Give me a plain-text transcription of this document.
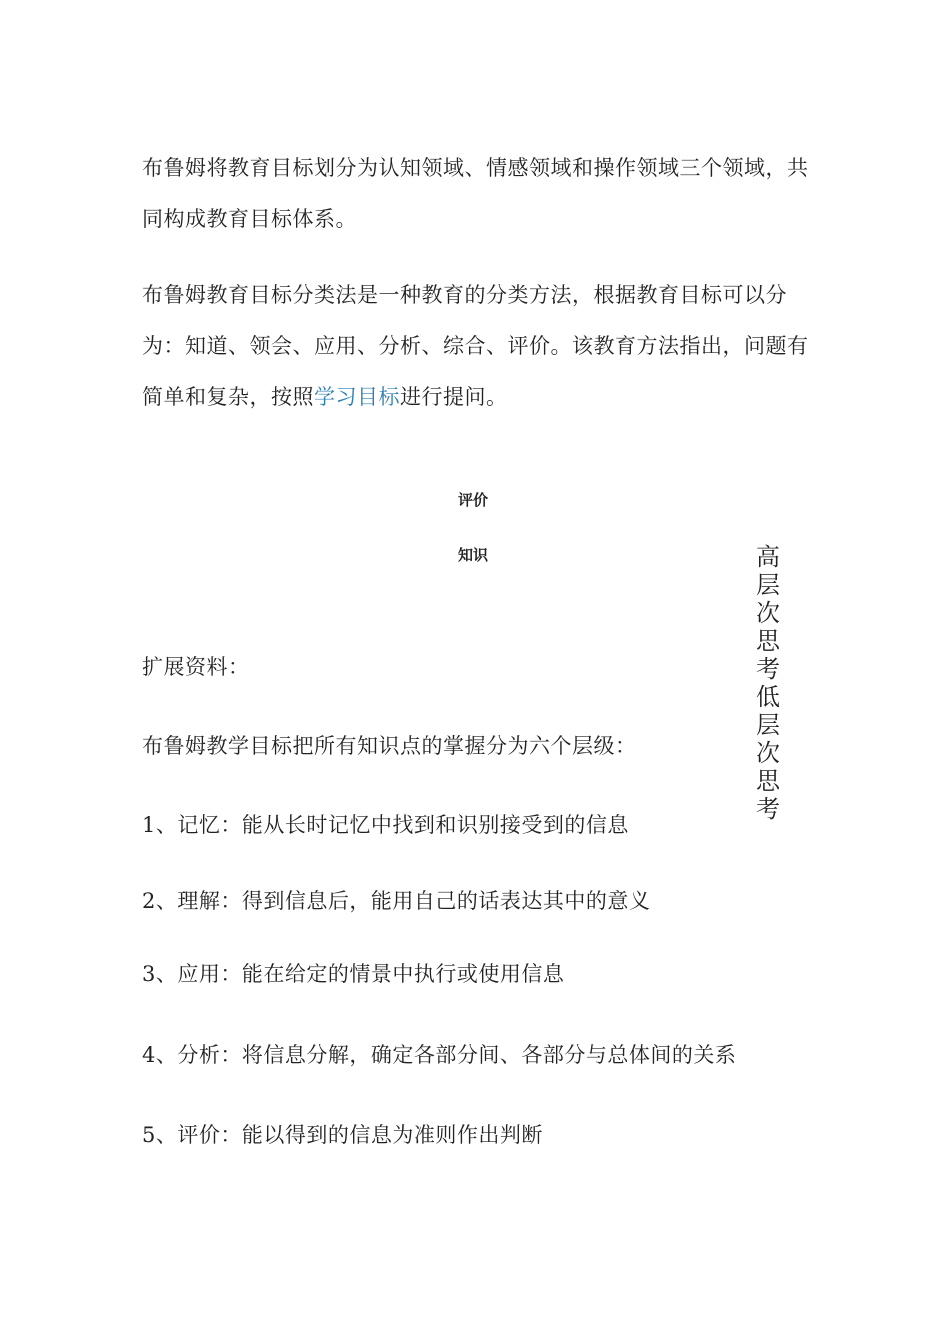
布鲁姆将教育目标划分为认知领域、情感领域和操作领域三个领域，共同构成教育目标体系。

布鲁姆教育目标分类法是一种教育的分类方法，根据教育目标可以分为：知道、领会、应用、分析、综合、评价。该教育方法指出，问题有简单和复杂，按照学习目标进行提问。

评价
知识	高层次思考低层次思考

扩展资料：

布鲁姆教学目标把所有知识点的掌握分为六个层级：

1、记忆：能从长时记忆中找到和识别接受到的信息

2、理解：得到信息后，能用自己的话表达其中的意义

3、应用：能在给定的情景中执行或使用信息

4、分析：将信息分解，确定各部分间、各部分与总体间的关系

5、评价：能以得到的信息为准则作出判断
